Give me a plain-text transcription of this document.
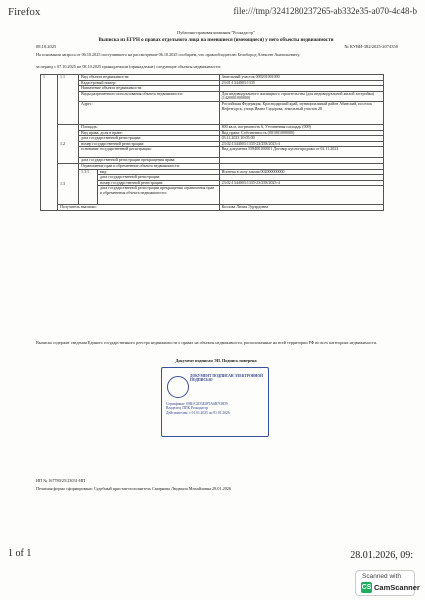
Firefox	file:///tmp/3241280237265-ab332e35-a070-4c48-b
Публично-правовая компания "Роскадастр"
Выписка из ЕГРН о правах отдельного лица на имевшиеся (имеющиеся) у него объекты недвижимости
08.10.2025	№ КУВИ-382/2025-2074350
На основании запроса от 06.10.2025 поступившего на рассмотрение 06.10.2025 сообщаем, что правообладателю Белобород Алексею Анатольевичу,
за период с 07.10.2025 по 08.10.2025 принадлежали (принадлежат) следующие объекты недвижимости:
1	1.1	Вид объекта недвижимости:		Земельный участок 000201001000
		Кадастровый номер:		23:01:1344003:1335
		Назначение объекта недвижимости:		
		Виды разрешенного использования объекта недвижимости:		Для индивидуального жилищного строительства (для индивидуальной жилой застройки) (1420001000000)
		Адрес:		Российская Федерация, Краснодарский край, муниципальный район Абинский, поселок Нефтегорск, улица Ивана Сидорова, земельный участок 28
	1.2	Площадь:		800 кв.м, погрешность 6, Уточненная площадь (009)
		Вид права, доля в праве:		Вид права: Собственность (001001000000)
		дата государственной регистрации:		03.11.2023 10:05:00
		номер государственной регистрации:		23:02:1344003:1335-23/258/2023-4
		основание государственной регистрации:		Вид документа 558400100001 Договор купли-продажи от 02.11.2023
		дата государственной регистрации прекращения права:		
	1.3	Ограничение прав и обременение объекта недвижимости:		
		1.3.1	вид:	Ипотека в силу закона 002000000000
			дата государственной регистрации:	
			номер государственной регистрации:	23:02:1344003:1335-23/258/2023-4
			дата государственной регистрации прекращения ограничения прав и обременения объекта недвижимости:	
	Получатель выписки:			Козлова Лилия Эдуардовна
Выписка содержит сведения Единого государственного реестра недвижимости о правах на объекты недвижимости, расположенные на всей территории РФ во всех категориях недвижимости.
Документ подписан ЭП. Подпись поверена
ДОКУМЕНТ ПОДПИСАН ЭЛЕКТРОННОЙ ПОДПИСЬЮ
Сертификат: 00B1C2D3E4F5A6B7C8D9
Владелец: ППК Роскадастр
Действителен: с 01.01.2025 по 01.01.2026
ИП № 167780/25/23031-ИП
Печатная форма сформирована: Судебный пристав-исполнитель Смирнова Людмила Михайловна 28.01.2026
1 of 1	28.01.2026, 09:
Scanned with
CS CamScanner
